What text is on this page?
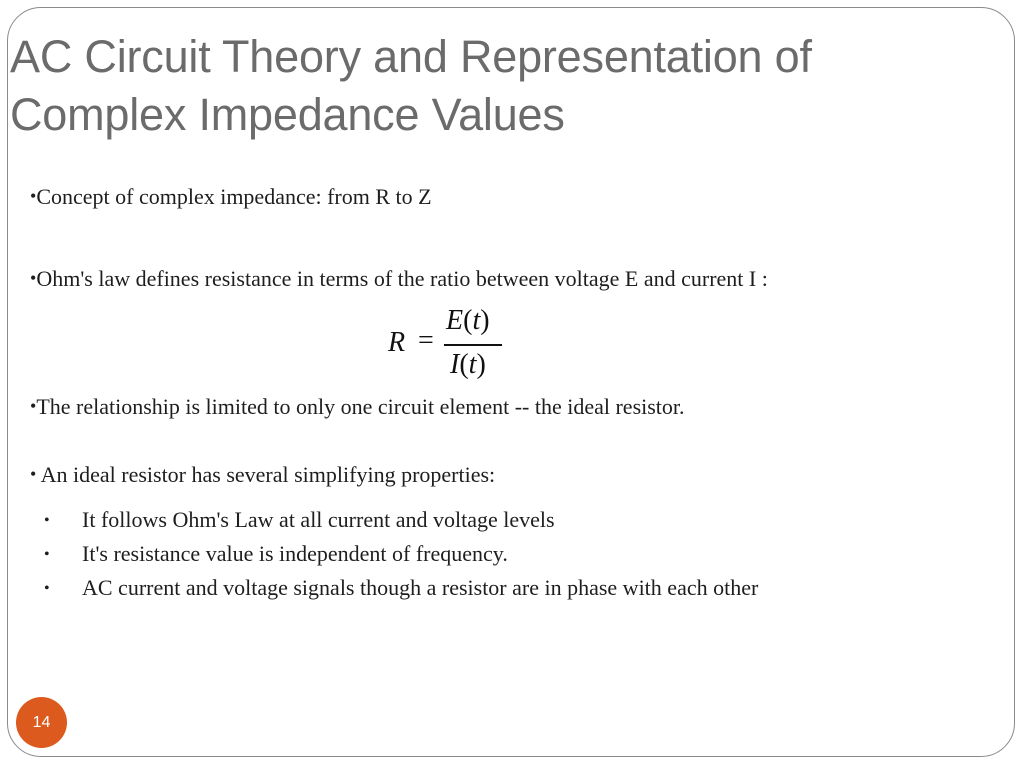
AC Circuit Theory and Representation of
Complex Impedance Values
•Concept of complex impedance: from R to Z
•Ohm's law defines resistance in terms of the ratio between voltage E and current I :
R =
E(t)
I(t)
•The relationship is limited to only one circuit element -- the ideal resistor.
• An ideal resistor has several simplifying properties:
• It follows Ohm's Law at all current and voltage levels
• It's resistance value is independent of frequency.
• AC current and voltage signals though a resistor are in phase with each other
14
